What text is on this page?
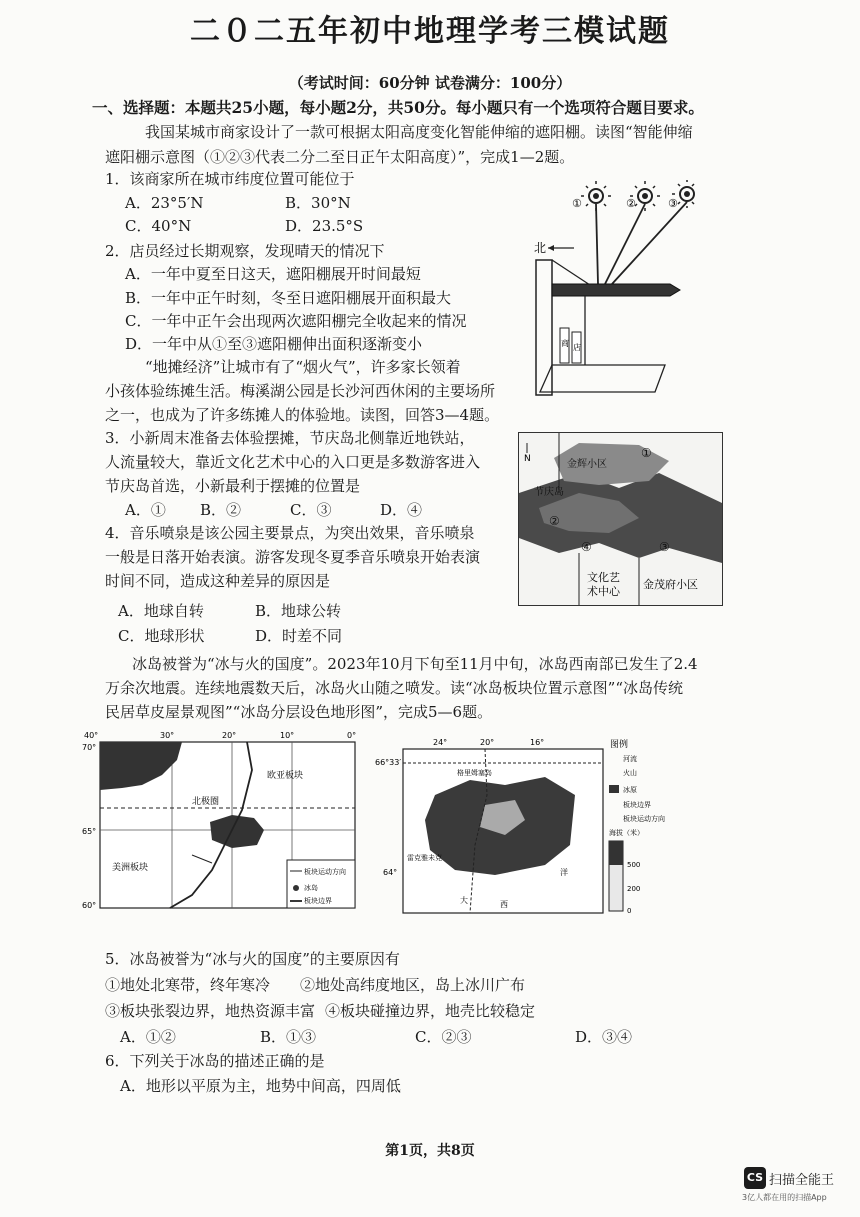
二０二五年初中地理学考三模试题
（考试时间：60分钟 试卷满分：100分）
一、选择题：本题共25小题，每小题2分，共50分。每小题只有一个选项符合题目要求。
我国某城市商家设计了一款可根据太阳高度变化智能伸缩的遮阳棚。读图“智能伸缩
遮阳棚示意图（①②③代表二分二至日正午太阳高度）”，完成1—2题。
1．该商家所在城市纬度位置可能位于
A．23°5′N	B．30°N
C．40°N	D．23.5°S
2．店员经过长期观察，发现晴天的情况下
A．一年中夏至日这天，遮阳棚展开时间最短
B．一年中正午时刻，冬至日遮阳棚展开面积最大
C．一年中正午会出现两次遮阳棚完全收起来的情况
D．一年中从①至③遮阳棚伸出面积逐渐变小
①	②	③
北
商 店
“地摊经济”让城市有了“烟火气”，许多家长领着
小孩体验练摊生活。梅溪湖公园是长沙河西休闲的主要场所
之一，也成为了许多练摊人的体验地。读图，回答3—4题。
3．小新周末准备去体验摆摊，节庆岛北侧靠近地铁站，
人流量较大，靠近文化艺术中心的入口更是多数游客进入
节庆岛首选，小新最利于摆摊的位置是
A．① B．②	C．③	D．④
N	金辉小区
节庆岛
文化艺
术中心
金茂府小区
①
②
③
④
4．音乐喷泉是该公园主要景点，为突出效果，音乐喷泉
一般是日落开始表演。游客发现冬夏季音乐喷泉开始表演
时间不同，造成这种差异的原因是
A．地球自转	B．地球公转
C．地球形状	D．时差不同
冰岛被誉为“冰与火的国度”。2023年10月下旬至11月中旬，冰岛西南部已发生了2.4
万余次地震。连续地震数天后，冰岛火山随之喷发。读“冰岛板块位置示意图”“冰岛传统
民居草皮屋景观图”“冰岛分层设色地形图”，完成5—6题。
40°	30°	20°	10°	0°
70°
65°
60°
欧亚板块
北极圈
美洲板块	板块运动方向
冰岛
板块边界
24°	20°	16°
66°33′
64°
格里姆塞岛
雷克雅未克
大	西
洋
图例
河流
火山
冰原
板块边界
板块运动方向
海拔（米）
500
200
0
5．冰岛被誉为“冰与火的国度”的主要原因有
①地处北寒带，终年寒冷 ②地处高纬度地区，岛上冰川广布
③板块张裂边界，地热资源丰富 ④板块碰撞边界，地壳比较稳定
A．①②	B．①③	C．②③	D．③④
6．下列关于冰岛的描述正确的是
A．地形以平原为主，地势中间高，四周低
第1页，共8页
CS 扫描全能王
3亿人都在用的扫描App
